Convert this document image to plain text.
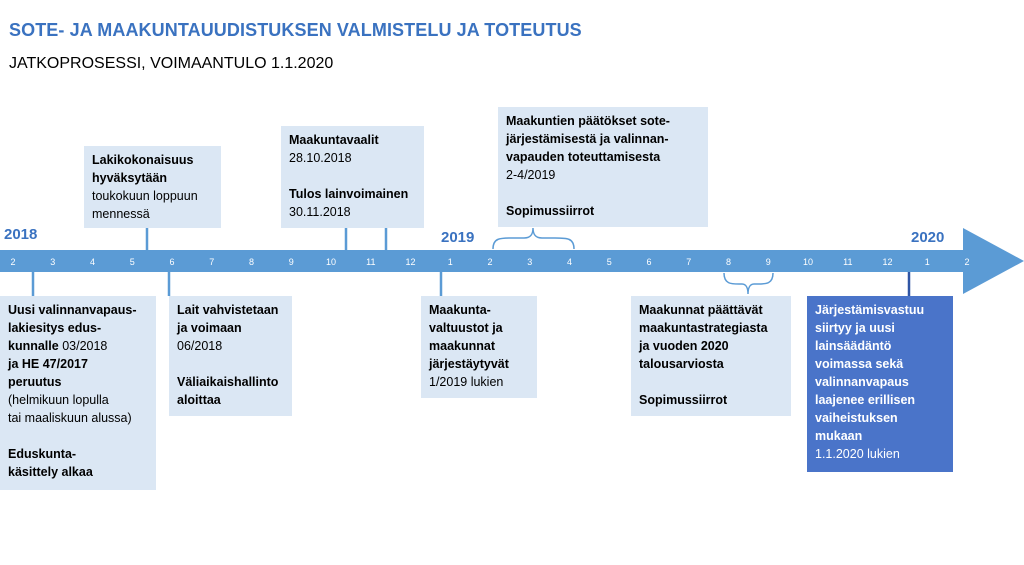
SOTE- JA MAAKUNTAUUDISTUKSEN VALMISTELU JA TOTEUTUS

JATKOPROSESSI, VOIMAANTULO 1.1.2020

2018	2019	2020
2	3	4	5	6	7	8	9	10	11	12	1	2	3	4	5	6	7	8	9	10	11	12	1	2
Lakikokonaisuus
hyväksytään
toukokuun loppuun
mennessä
Maakuntavaalit
28.10.2018
Tulos lainvoimainen
30.11.2018
Maakuntien päätökset sote-
järjestämisestä ja valinnan-
vapauden toteuttamisesta
2-4/2019
Sopimussiirrot
Uusi valinnanvapaus-
lakiesitys edus-
kunnalle 03/2018
ja HE 47/2017
peruutus
(helmikuun lopulla
tai maaliskuun alussa)
Eduskunta-
käsittely alkaa
Lait vahvistetaan
ja voimaan
06/2018
Väliaikaishallinto
aloittaa
Maakunta-
valtuustot ja
maakunnat
järjestäytyvät
1/2019 lukien
Maakunnat päättävät
maakuntastrategiasta
ja vuoden 2020
talousarviosta
Sopimussiirrot
Järjestämisvastuu
siirtyy ja uusi
lainsäädäntö
voimassa sekä
valinnanvapaus
laajenee erillisen
vaiheistuksen
mukaan
1.1.2020 lukien
